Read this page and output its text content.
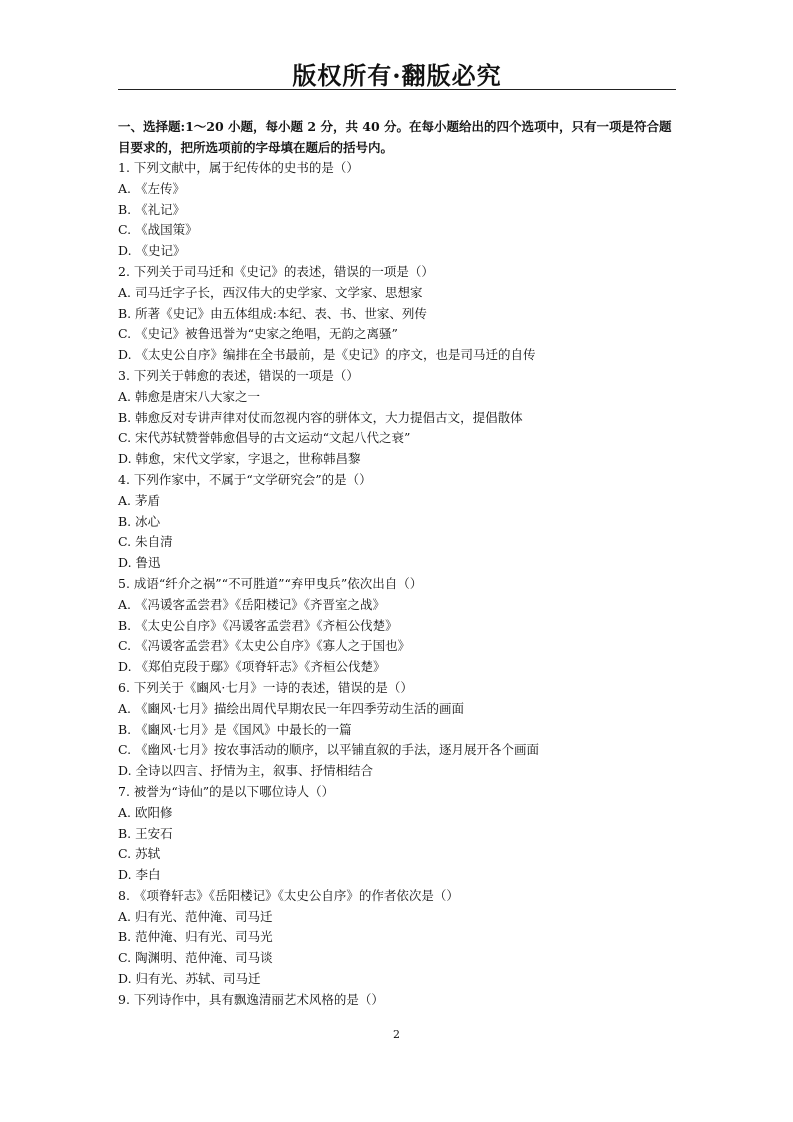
版权所有·翻版必究
一、选择题:1～20 小题，每小题 2 分，共 40 分。在每小题给出的四个选项中，只有一项是符合题目要求的，把所选项前的字母填在题后的括号内。
1. 下列文献中，属于纪传体的史书的是（）
A. 《左传》
B. 《礼记》
C. 《战国策》
D. 《史记》
2. 下列关于司马迁和《史记》的表述，错误的一项是（）
A. 司马迁字子长，西汉伟大的史学家、文学家、思想家
B. 所著《史记》由五体组成:本纪、表、书、世家、列传
C. 《史记》被鲁迅誉为“史家之绝唱，无韵之离骚”
D. 《太史公自序》编排在全书最前，是《史记》的序文，也是司马迁的自传
3. 下列关于韩愈的表述，错误的一项是（）
A. 韩愈是唐宋八大家之一
B. 韩愈反对专讲声律对仗而忽视内容的骈体文，大力提倡古文，提倡散体
C. 宋代苏轼赞誉韩愈倡导的古文运动“文起八代之衰”
D. 韩愈，宋代文学家，字退之，世称韩昌黎
4. 下列作家中，不属于“文学研究会”的是（）
A. 茅盾
B. 冰心
C. 朱自清
D. 鲁迅
5. 成语“纤介之祸”“不可胜道”“弃甲曳兵”依次出自（）
A. 《冯谖客孟尝君》《岳阳楼记》《齐晋室之战》
B. 《太史公自序》《冯谖客孟尝君》《齐桓公伐楚》
C. 《冯谖客孟尝君》《太史公自序》《寡人之于国也》
D. 《郑伯克段于鄢》《项脊轩志》《齐桓公伐楚》
6. 下列关于《豳风·七月》一诗的表述，错误的是（）
A. 《豳风·七月》描绘出周代早期农民一年四季劳动生活的画面
B. 《豳风·七月》是《国风》中最长的一篇
C. 《幽风·七月》按农事活动的顺序，以平铺直叙的手法，逐月展开各个画面
D. 全诗以四言、抒情为主，叙事、抒情相结合
7. 被誉为“诗仙”的是以下哪位诗人（）
A. 欧阳修
B. 王安石
C. 苏轼
D. 李白
8. 《项脊轩志》《岳阳楼记》《太史公自序》的作者依次是（）
A. 归有光、范仲淹、司马迁
B. 范仲淹、归有光、司马光
C. 陶渊明、范仲淹、司马谈
D. 归有光、苏轼、司马迁
9. 下列诗作中，具有飘逸清丽艺术风格的是（）
2
